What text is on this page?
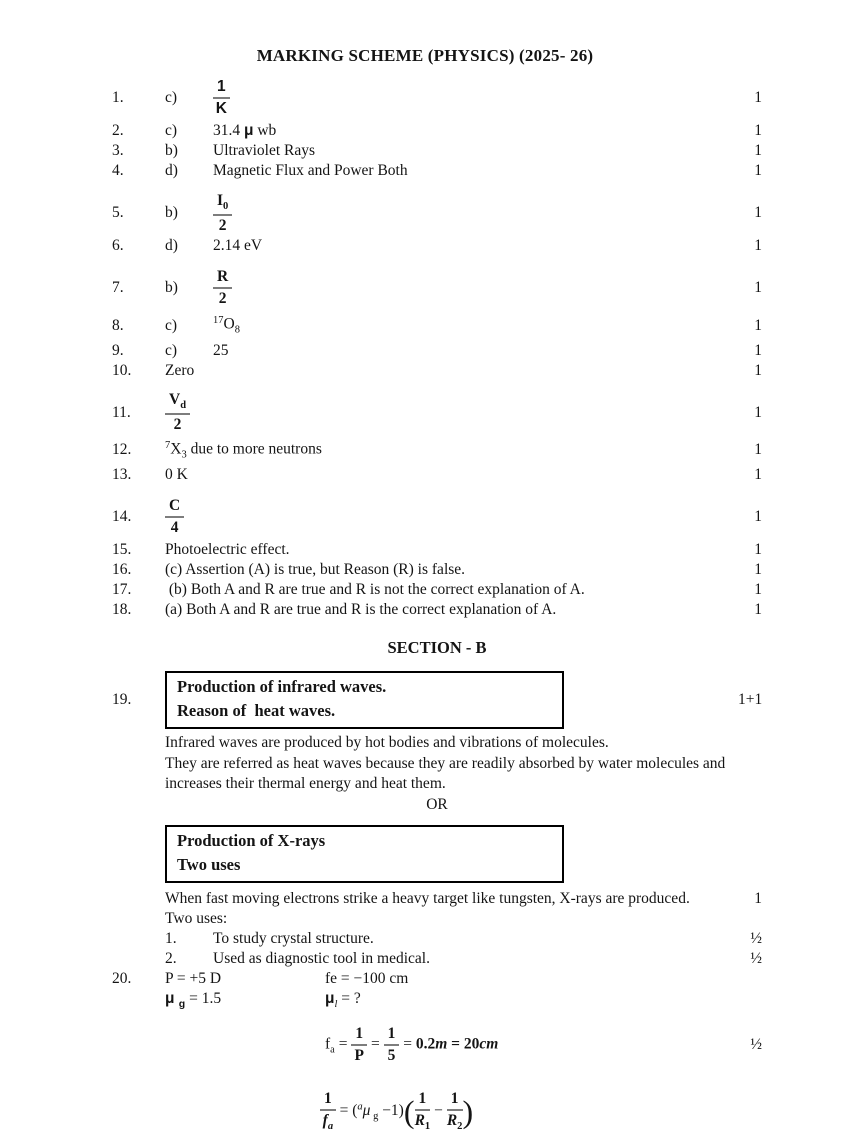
MARKING SCHEME (PHYSICS) (2025- 26)
1.	c)	$\frac{1}{K}$	1
2.	c)	31.4 μ wb	1
3.	b)	Ultraviolet Rays	1
4.	d)	Magnetic Flux and Power Both	1
5.	b)	$\frac{I_0}{2}$	1
6.	d)	2.14 eV	1
7.	b)	$\frac{R}{2}$	1
8.	c)	$^{17}O_8$	1
9.	c)	25	1
10.	Zero	1
11.	$\frac{V_d}{2}$	1
12.	$^7X_3$ due to more neutrons	1
13.	0 K	1
14.	$\frac{C}{4}$	1
15.	Photoelectric effect.	1
16.	(c) Assertion (A) is true, but Reason (R) is false.	1
17.	(b) Both A and R are true and R is not the correct explanation of A.	1
18.	(a) Both A and R are true and R is the correct explanation of A.	1
SECTION - B
19.
Production of infrared waves.
Reason of  heat waves.
1+1
Infrared waves are produced by hot bodies and vibrations of molecules.
They are referred as heat waves because they are readily absorbed by water molecules and increases their thermal energy and heat them.
OR
Production of X-rays
Two uses
When fast moving electrons strike a heavy target like tungsten, X-rays are produced.	1
Two uses:
1.	To study crystal structure.	½
2.	Used as diagnostic tool in medical.	½
20.	P = +5 D	fe = −100 cm
μ $_g$ = 1.5	$\mu_l$ = ?
$f_a = \frac{1}{P} = \frac{1}{5} = 0.2m = 20cm$	½
$\frac{1}{f_a} = (^a\mu$ $_g -1)( \frac{1}{R_1} - \frac{1}{R_2}$ )
